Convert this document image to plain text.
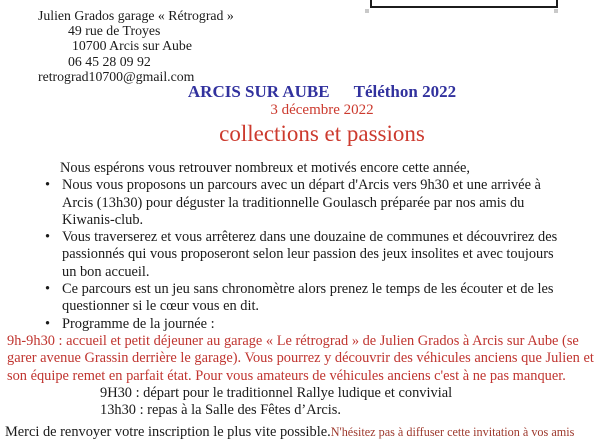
Julien Grados garage « Rétrograd »
49 rue de Troyes
10700 Arcis sur Aube
06 45 28 09 92
retrograd10700@gmail.com
ARCIS SUR AUBE Téléthon 2022
3 décembre 2022
collections et passions

Nous espérons vous retrouver nombreux et motivés encore cette année,

• Nous vous proposons un parcours avec un départ d'Arcis vers 9h30 et une arrivée à Arcis (13h30) pour déguster la traditionnelle Goulasch préparée par nos amis du Kiwanis-club.
• Vous traverserez et vous arrêterez dans une douzaine de communes et découvrirez des passionnés qui vous proposeront selon leur passion des jeux insolites et avec toujours un bon accueil.
• Ce parcours est un jeu sans chronomètre alors prenez le temps de les écouter et de les questionner si le cœur vous en dit.
• Programme de la journée :

9h-9h30 : accueil et petit déjeuner au garage « Le rétrograd » de Julien Grados à Arcis sur Aube (se garer avenue Grassin derrière le garage). Vous pourrez y découvrir des véhicules anciens que Julien et son équipe remet en parfait état. Pour vous amateurs de véhicules anciens c'est à ne pas manquer.

9H30 : départ pour le traditionnel Rallye ludique et convivial
13h30 : repas à la Salle des Fêtes d’Arcis.

Merci de renvoyer votre inscription le plus vite possible.N'hésitez pas à diffuser cette invitation à vos amis
